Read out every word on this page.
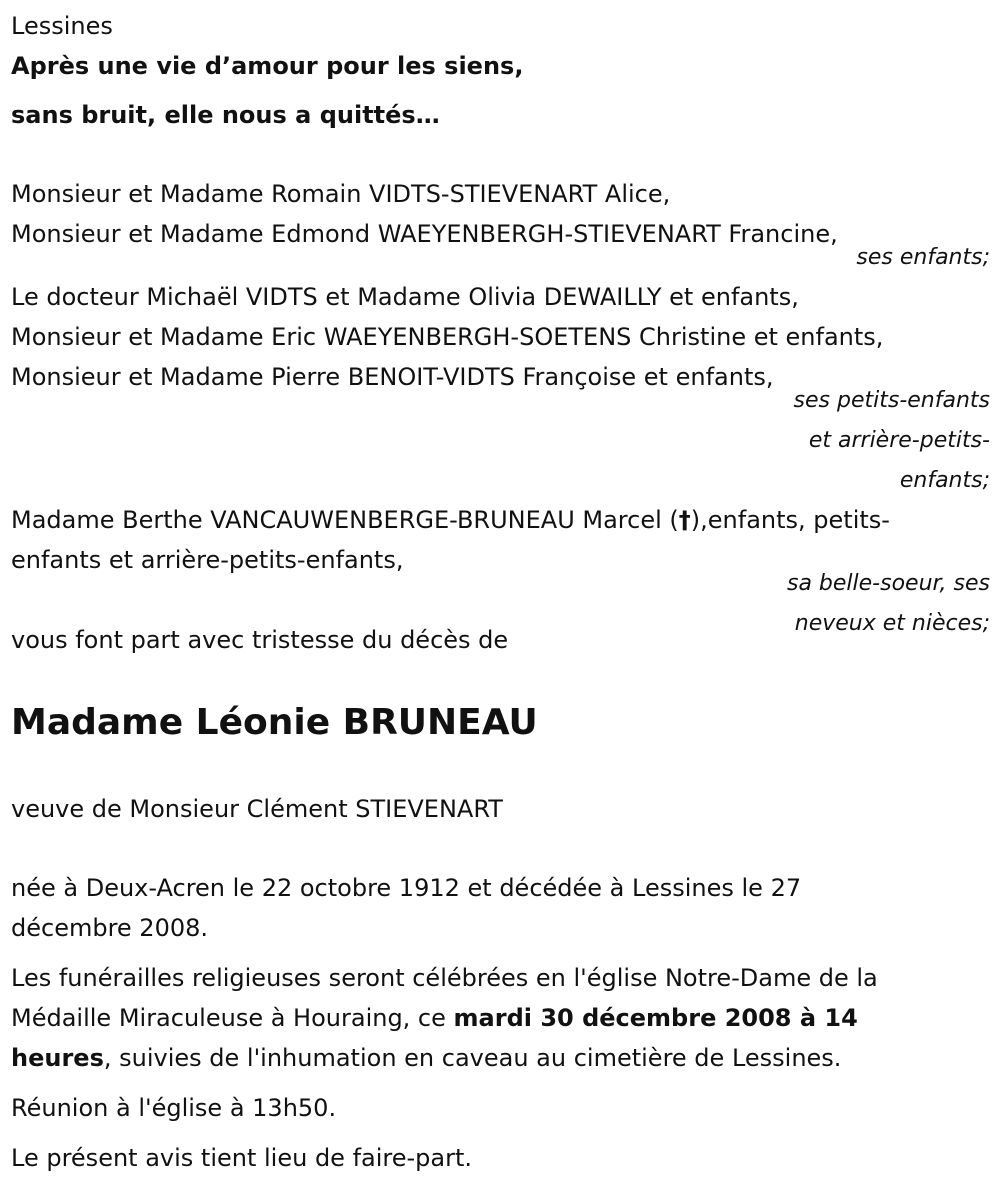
Lessines
Après une vie d’amour pour les siens,
sans bruit, elle nous a quittés…
Monsieur et Madame Romain VIDTS-STIEVENART Alice,
Monsieur et Madame Edmond WAEYENBERGH-STIEVENART Francine,
ses enfants;
Le docteur Michaël VIDTS et Madame Olivia DEWAILLY et enfants,
Monsieur et Madame Eric WAEYENBERGH-SOETENS Christine et enfants,
Monsieur et Madame Pierre BENOIT-VIDTS Françoise et enfants,
ses petits-enfants
et arrière-petits-
enfants;
Madame Berthe VANCAUWENBERGE-BRUNEAU Marcel (†),enfants, petits-
enfants et arrière-petits-enfants,
sa belle-soeur, ses
neveux et nièces;
vous font part avec tristesse du décès de
Madame Léonie BRUNEAU
veuve de Monsieur Clément STIEVENART
née à Deux-Acren le 22 octobre 1912 et décédée à Lessines le 27
décembre 2008.
Les funérailles religieuses seront célébrées en l'église Notre-Dame de la
Médaille Miraculeuse à Houraing, ce mardi 30 décembre 2008 à 14
heures, suivies de l'inhumation en caveau au cimetière de Lessines.
Réunion à l'église à 13h50.
Le présent avis tient lieu de faire-part.
